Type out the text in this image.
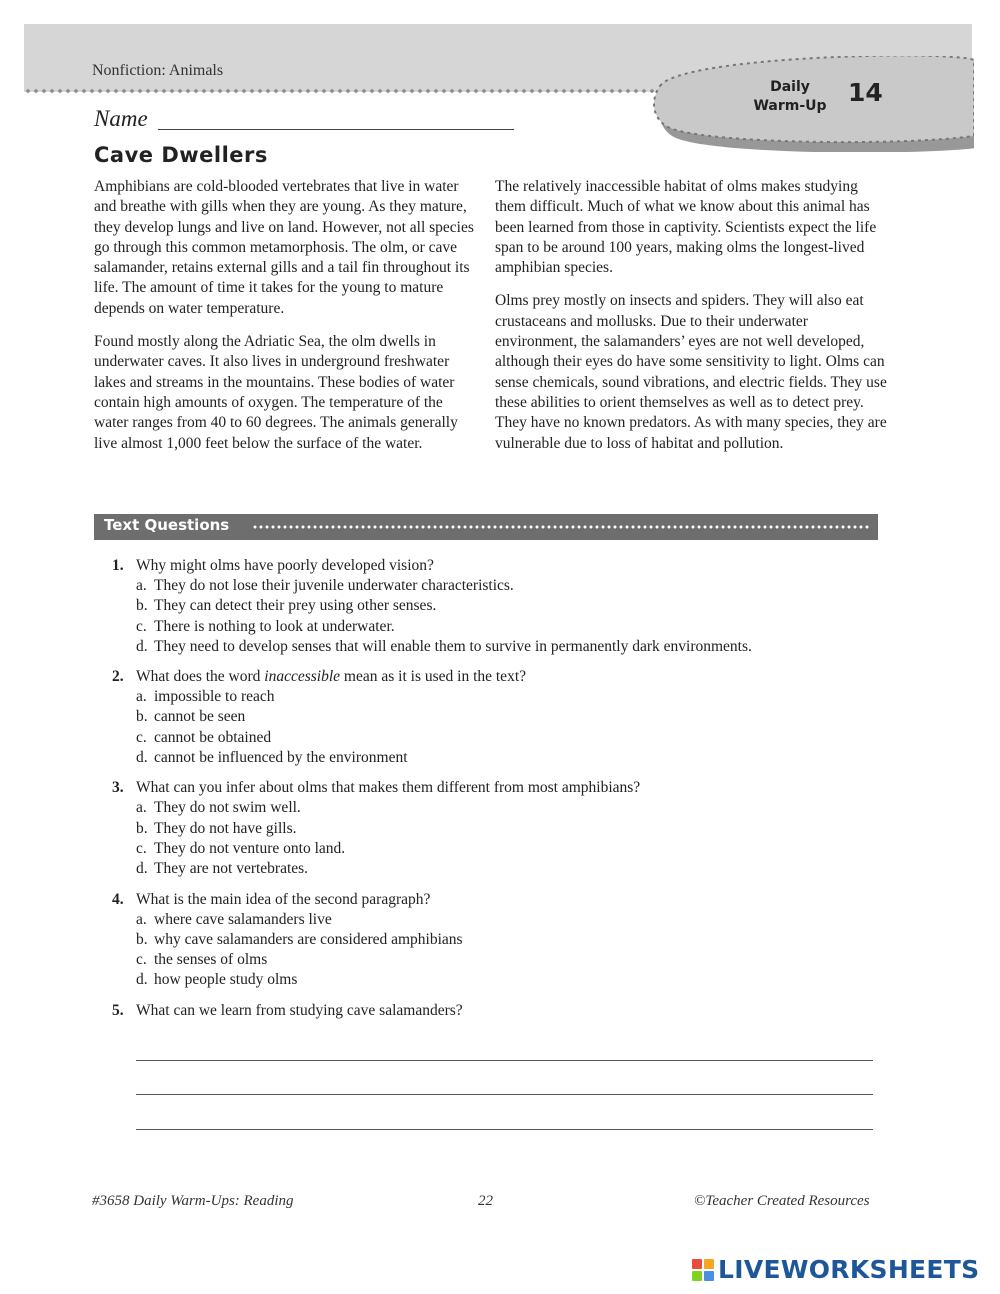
Nonfiction: Animals
Daily
Warm-Up 14
Name
Cave Dwellers

Amphibians are cold-blooded vertebrates that live in water and breathe with gills when they are young. As they mature, they develop lungs and live on land. However, not all species go through this common metamorphosis. The olm, or cave salamander, retains external gills and a tail fin throughout its life. The amount of time it takes for the young to mature depends on water temperature.

Found mostly along the Adriatic Sea, the olm dwells in underwater caves. It also lives in underground freshwater lakes and streams in the mountains. These bodies of water contain high amounts of oxygen. The temperature of the water ranges from 40 to 60 degrees. The animals generally live almost 1,000 feet below the surface of the water.

The relatively inaccessible habitat of olms makes studying them difficult. Much of what we know about this animal has been learned from those in captivity. Scientists expect the life span to be around 100 years, making olms the longest-lived amphibian species.

Olms prey mostly on insects and spiders. They will also eat crustaceans and mollusks. Due to their underwater environment, the salamanders’ eyes are not well developed, although their eyes do have some sensitivity to light. Olms can sense chemicals, sound vibrations, and electric fields. They use these abilities to orient themselves as well as to detect prey. They have no known predators. As with many species, they are vulnerable due to loss of habitat and pollution.

Text Questions
1. Why might olms have poorly developed vision?
a. They do not lose their juvenile underwater characteristics.
b. They can detect their prey using other senses.
c. There is nothing to look at underwater.
d. They need to develop senses that will enable them to survive in permanently dark environments.
2. What does the word inaccessible mean as it is used in the text?
a. impossible to reach
b. cannot be seen
c. cannot be obtained
d. cannot be influenced by the environment
3. What can you infer about olms that makes them different from most amphibians?
a. They do not swim well.
b. They do not have gills.
c. They do not venture onto land.
d. They are not vertebrates.
4. What is the main idea of the second paragraph?
a. where cave salamanders live
b. why cave salamanders are considered amphibians
c. the senses of olms
d. how people study olms
5. What can we learn from studying cave salamanders?
#3658 Daily Warm-Ups: Reading	22	©Teacher Created Resources
LIVEWORKSHEETS
